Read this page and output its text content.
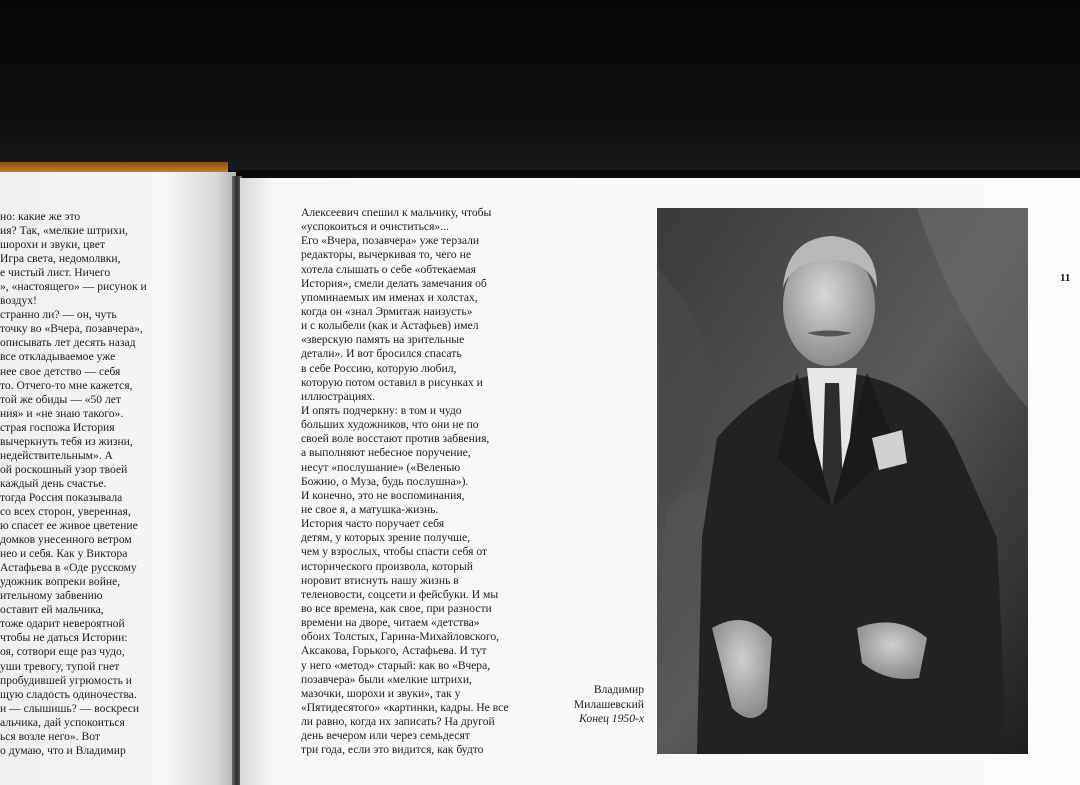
но: какие же это
ия? Так, «мелкие штрихи,
шорохи и звуки, цвет
Игра света, недомолвки,
е чистый лист. Ничего
», «настоящего» — рисунок и
воздух!
странно ли? — он, чуть
точку во «Вчера, позавчера»,
описывать лет десять назад
все откладываемое уже
нее свое детство — себя
то. Отчего-то мне кажется,
той же обиды — «50 лет
ния» и «не знаю такого».
страя госпожа История
вычеркнуть тебя из жизни,
недействительным». А
ой роскошный узор твоей
каждый день счастье.
тогда Россия показывала
со всех сторон, уверенная,
ю спасет ее живое цветение
домков унесенного ветром
нео и себя. Как у Виктора
Астафьева в «Оде русскому
удожник вопреки войне,
ительному забвению
оставит ей мальчика,
тоже одарит невероятной
чтобы не даться Истории:
оя, сотвори еще раз чудо,
уши тревогу, тупой гнет
пробудившей угрюмость и
щую сладость одиночества.
и — слышишь? — воскреси
альчика, дай успокоиться
ься возле него». Вот
о думаю, что и Владимир
Алексеевич спешил к мальчику, чтобы
«успокоиться и очиститься»...
Его «Вчера, позавчера» уже терзали
редакторы, вычеркивая то, чего не
хотела слышать о себе «обтекаемая
История», смели делать замечания об
упоминаемых им именах и холстах,
когда он «знал Эрмитаж наизусть»
и с колыбели (как и Астафьев) имел
«зверскую память на зрительные
детали». И вот бросился спасать
в себе Россию, которую любил,
которую потом оставил в рисунках и
иллюстрациях.
И опять подчеркну: в том и чудо
больших художников, что они не по
своей воле восстают против забвения,
а выполняют небесное поручение,
несут «послушание» («Веленью
Божию, о Муза, будь послушна»).
И конечно, это не воспоминания,
не свое я, а матушка-жизнь.
История часто поручает себя
детям, у которых зрение получше,
чем у взрослых, чтобы спасти себя от
исторического произвола, который
норовит втиснуть нашу жизнь в
теленовости, соцсети и фейсбуки. И мы
во все времена, как свое, при разности
времени на дворе, читаем «детства»
обоих Толстых, Гарина-Михайловского,
Аксакова, Горького, Астафьева. И тут
у него «метод» старый: как во «Вчера,
позавчера» были «мелкие штрихи,
мазочки, шорохи и звуки», так у
«Пятидесятого» «картинки, кадры. Не все
ли равно, когда их записать? На другой
день вечером или через семьдесят
три года, если это видится, как будто
Владимир
Милашевский
Конец 1950-х
11
